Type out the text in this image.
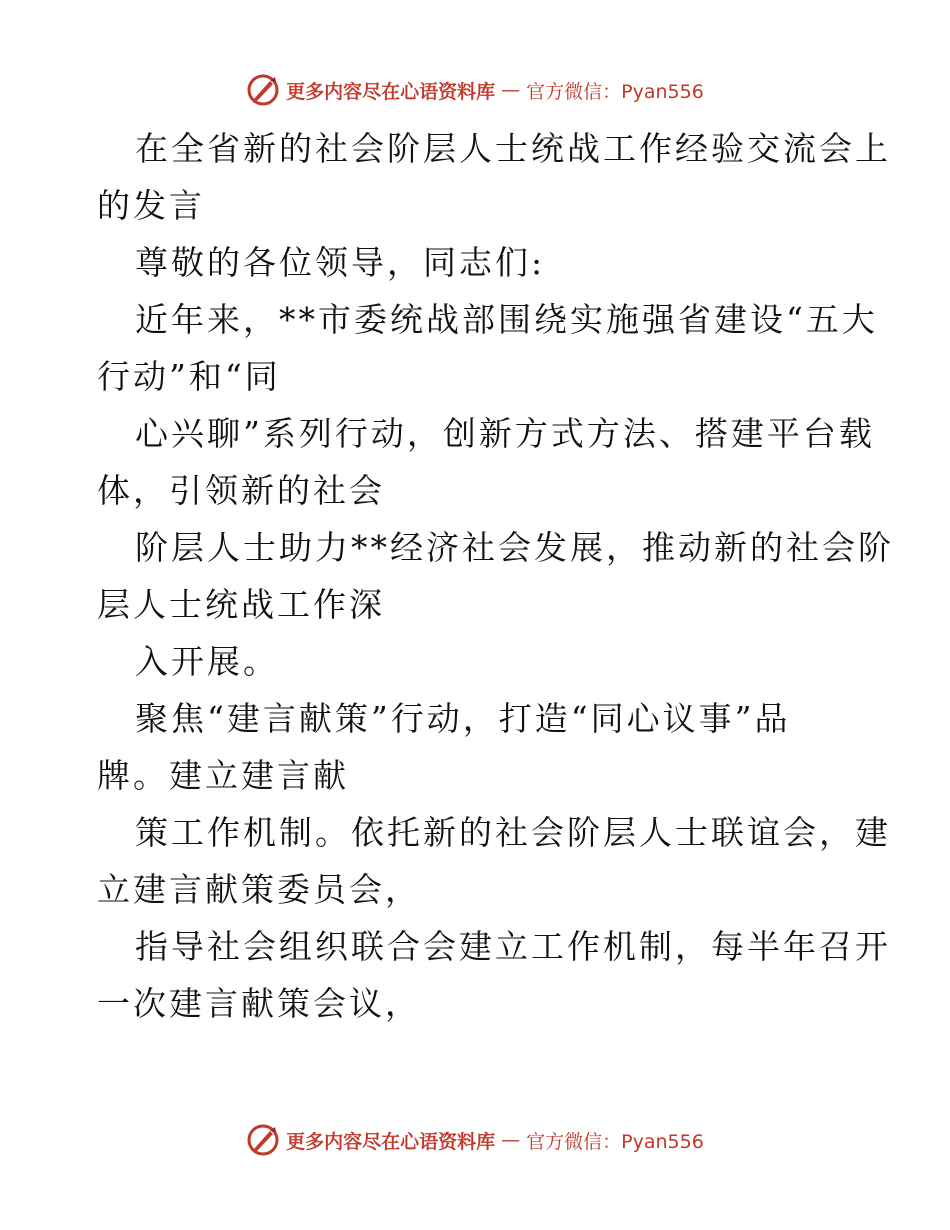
更多内容尽在心语资料库 — 官方微信：Pyan556
在全省新的社会阶层人士统战工作经验交流会上
的发言
尊敬的各位领导，同志们:
近年来，**市委统战部围绕实施强省建设“五大
行动”和“同
心兴聊”系列行动，创新方式方法、搭建平台载
体，引领新的社会
阶层人士助力**经济社会发展，推动新的社会阶
层人士统战工作深
入开展。
聚焦“建言献策”行动，打造“同心议事”品
牌。建立建言献
策工作机制。依托新的社会阶层人士联谊会，建
立建言献策委员会，
指导社会组织联合会建立工作机制，每半年召开
一次建言献策会议，
更多内容尽在心语资料库 — 官方微信：Pyan556
